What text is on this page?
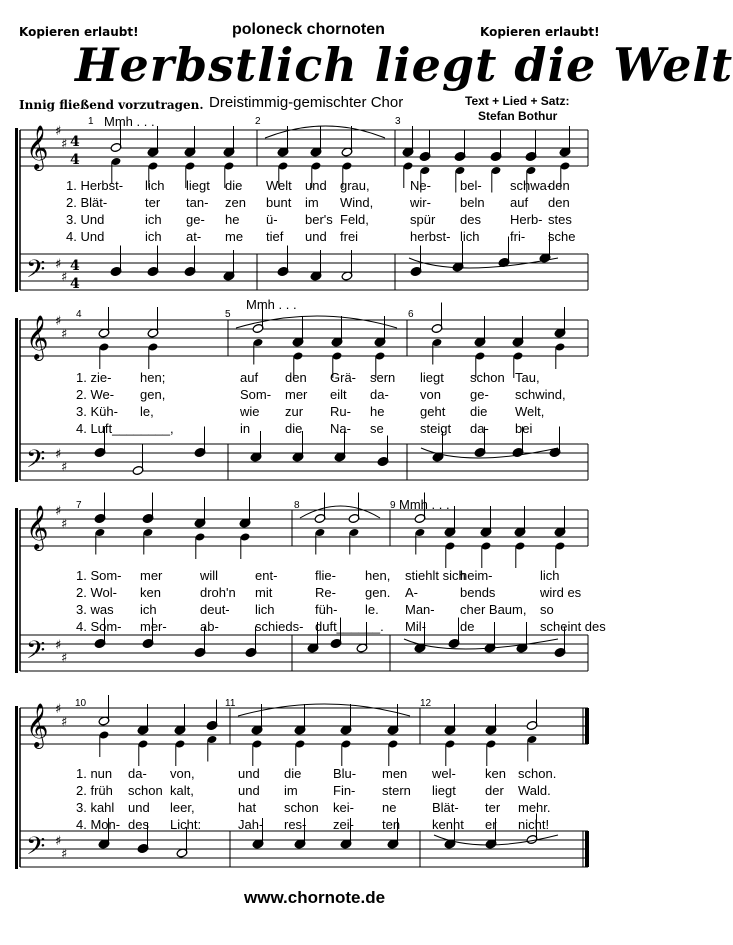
Kopieren erlaubt!	poloneck chornoten	Kopieren erlaubt!
Herbstlich liegt die Welt
Innig fließend vorzutragen. Dreistimmig-gemischter Chor	Text + Lied + Satz:
Stefan Bothur
1	2	3
Mmh . . .
4	5	6
Mmh . . .
7	8	9 Mmh . . .
10	11	12
𝄞
𝄢
♯
♯
♯
♯
4
4
4
4
𝄞
𝄢
♯
♯
♯
♯
𝄞
𝄢
♯
♯
♯
♯
𝄞
𝄢
♯
♯
♯
♯
1. Herbst- lich liegt die Welt und grau,	Ne- bel- schwa-
den
2. Blät-	ter tan- zen bunt im Wind,	wir- beln auf den
3. Und	ich ge- he ü- ber's Feld,	spür des Herb- stes
4. Und	ich at- me tief und frei	herbst- lich fri- sche
1. zie- hen;	auf den Grä- sern liegt schon Tau,
2. We- gen,	Som- mer eilt da- von ge- schwind,
3. Küh- le,	wie zur Ru- he	geht die Welt,
4. Luft________,	in	die Na- se	steigt da- bei
1. Som- mer	will	ent-	flie- hen, stiehlt sich
heim-	lich
2. Wol- ken	droh'n mit	Re- gen. A-	bends	wird es
3. was ich	deut- lich	füh- le. Man- cher Baum, so
4. Som- mer-	ab-	schieds- duft______. Mil-	de	scheint des
1. nun da- von,	und die Blu- men wel- ken schon.
2. früh schon kalt,	und im	Fin- stern liegt der Wald.
3. kahl und leer,	hat schon kei- ne	Blät- ter mehr.
4. Mon- des Licht:	Jah- res- zei- ten kennt er nicht!
www.chornote.de
